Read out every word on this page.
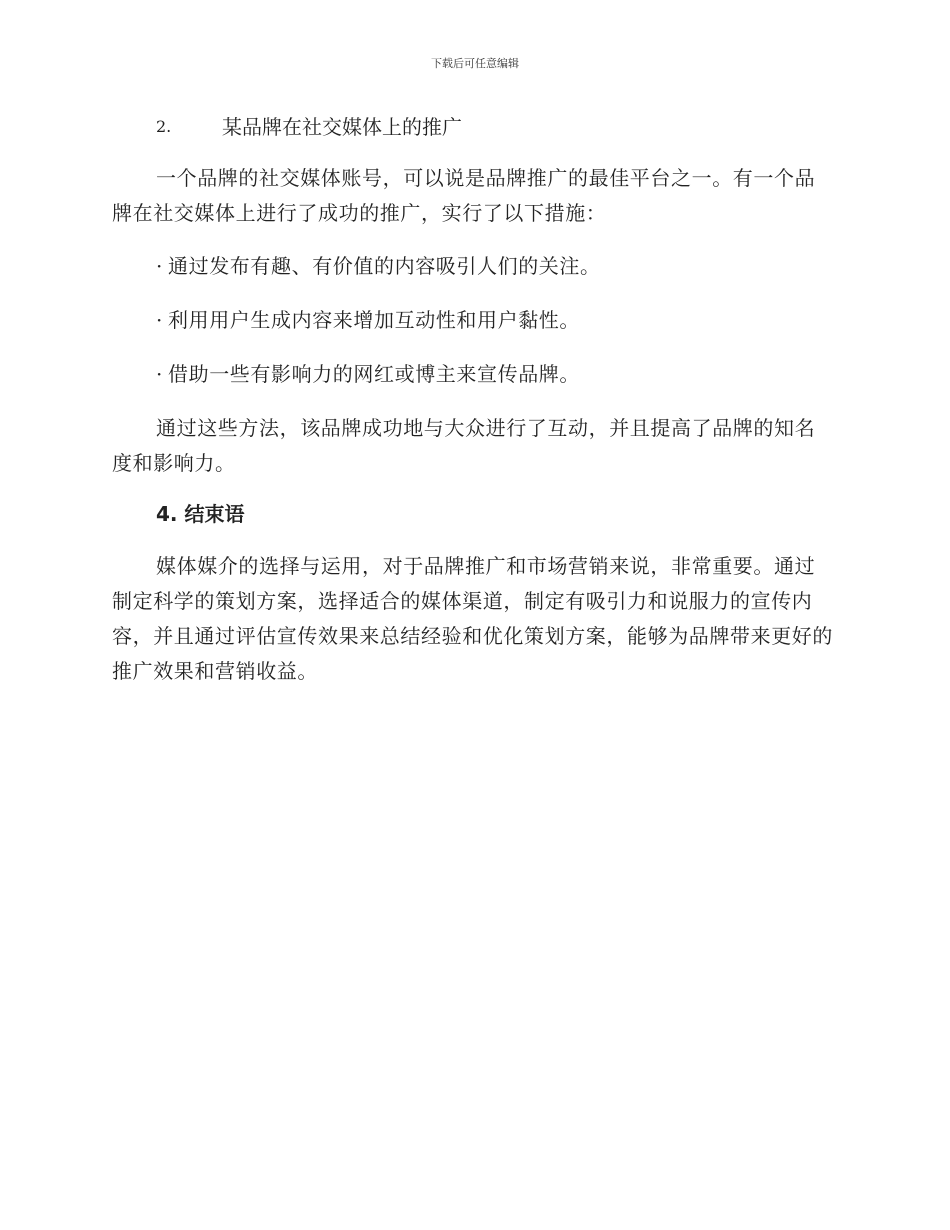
下载后可任意编辑
2.	某品牌在社交媒体上的推广

一个品牌的社交媒体账号，可以说是品牌推广的最佳平台之一。有一个品牌在社交媒体上进行了成功的推广，实行了以下措施：

· 通过发布有趣、有价值的内容吸引人们的关注。
· 利用用户生成内容来增加互动性和用户黏性。
· 借助一些有影响力的网红或博主来宣传品牌。

通过这些方法，该品牌成功地与大众进行了互动，并且提高了品牌的知名度和影响力。

4. 结束语

媒体媒介的选择与运用，对于品牌推广和市场营销来说，非常重要。通过制定科学的策划方案，选择适合的媒体渠道，制定有吸引力和说服力的宣传内容，并且通过评估宣传效果来总结经验和优化策划方案，能够为品牌带来更好的推广效果和营销收益。
